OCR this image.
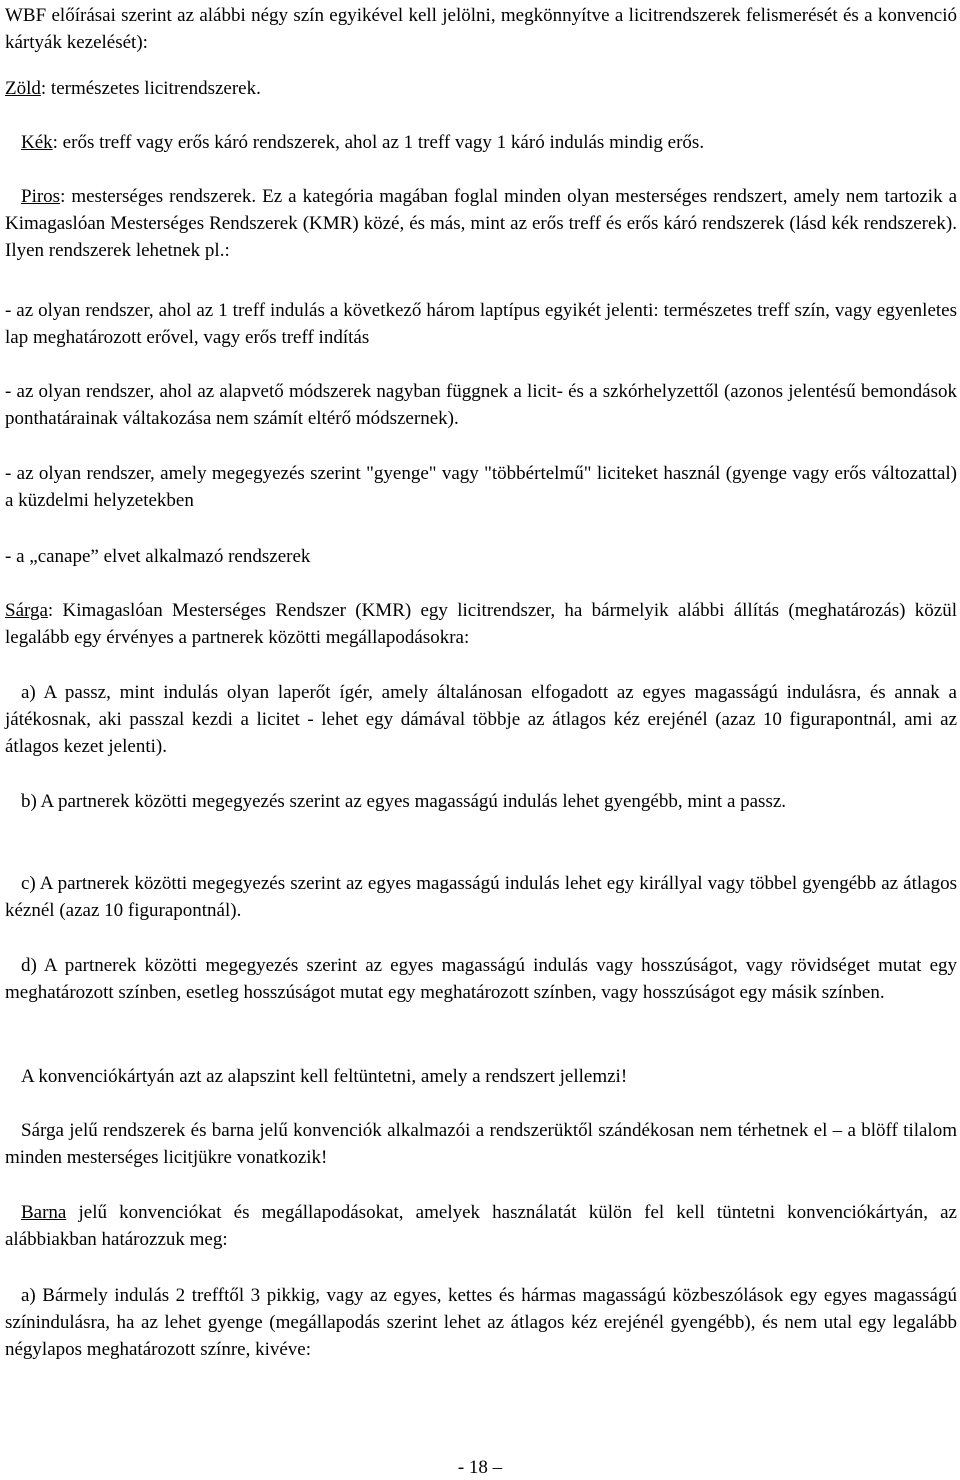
WBF előírásai szerint az alábbi négy szín egyikével kell jelölni, megkönnyítve a licitrendszerek felismerését és a konvenció kártyák kezelését):

Zöld: természetes licitrendszerek.

Kék: erős treff vagy erős káró rendszerek, ahol az 1 treff vagy 1 káró indulás mindig erős.

Piros: mesterséges rendszerek. Ez a kategória magában foglal minden olyan mesterséges rendszert, amely nem tartozik a Kimagaslóan Mesterséges Rendszerek (KMR) közé, és más, mint az erős treff és erős káró rendszerek (lásd kék rendszerek). Ilyen rendszerek lehetnek pl.:

- az olyan rendszer, ahol az 1 treff indulás a következő három laptípus egyikét jelenti: természetes treff szín, vagy egyenletes lap meghatározott erővel, vagy erős treff indítás

- az olyan rendszer, ahol az alapvető módszerek nagyban függnek a licit- és a szkórhelyzettől (azonos jelentésű bemondások ponthatárainak váltakozása nem számít eltérő módszernek).

- az olyan rendszer, amely megegyezés szerint "gyenge" vagy "többértelmű" liciteket használ (gyenge vagy erős változattal) a küzdelmi helyzetekben

- a „canape” elvet alkalmazó rendszerek

Sárga: Kimagaslóan Mesterséges Rendszer (KMR) egy licitrendszer, ha bármelyik alábbi állítás (meghatározás) közül legalább egy érvényes a partnerek közötti megállapodásokra:

a) A passz, mint indulás olyan laperőt ígér, amely általánosan elfogadott az egyes magasságú indulásra, és annak a játékosnak, aki passzal kezdi a licitet - lehet egy dámával többje az átlagos kéz erejénél (azaz 10 figurapontnál, ami az átlagos kezet jelenti).

b) A partnerek közötti megegyezés szerint az egyes magasságú indulás lehet gyengébb, mint a passz.

c) A partnerek közötti megegyezés szerint az egyes magasságú indulás lehet egy királlyal vagy többel gyengébb az átlagos kéznél (azaz 10 figurapontnál).

d) A partnerek közötti megegyezés szerint az egyes magasságú indulás vagy hosszúságot, vagy rövidséget mutat egy meghatározott színben, esetleg hosszúságot mutat egy meghatározott színben, vagy hosszúságot egy másik színben.

A konvenciókártyán azt az alapszint kell feltüntetni, amely a rendszert jellemzi!

Sárga jelű rendszerek és barna jelű konvenciók alkalmazói a rendszerüktől szándékosan nem térhetnek el – a blöff tilalom minden mesterséges licitjükre vonatkozik!

Barna jelű konvenciókat és megállapodásokat, amelyek használatát külön fel kell tüntetni konvenciókártyán, az alábbiakban határozzuk meg:

a) Bármely indulás 2 trefftől 3 pikkig, vagy az egyes, kettes és hármas magasságú közbeszólások egy egyes magasságú színindulásra, ha az lehet gyenge (megállapodás szerint lehet az átlagos kéz erejénél gyengébb), és nem utal egy legalább négylapos meghatározott színre, kivéve:

- 18 –
